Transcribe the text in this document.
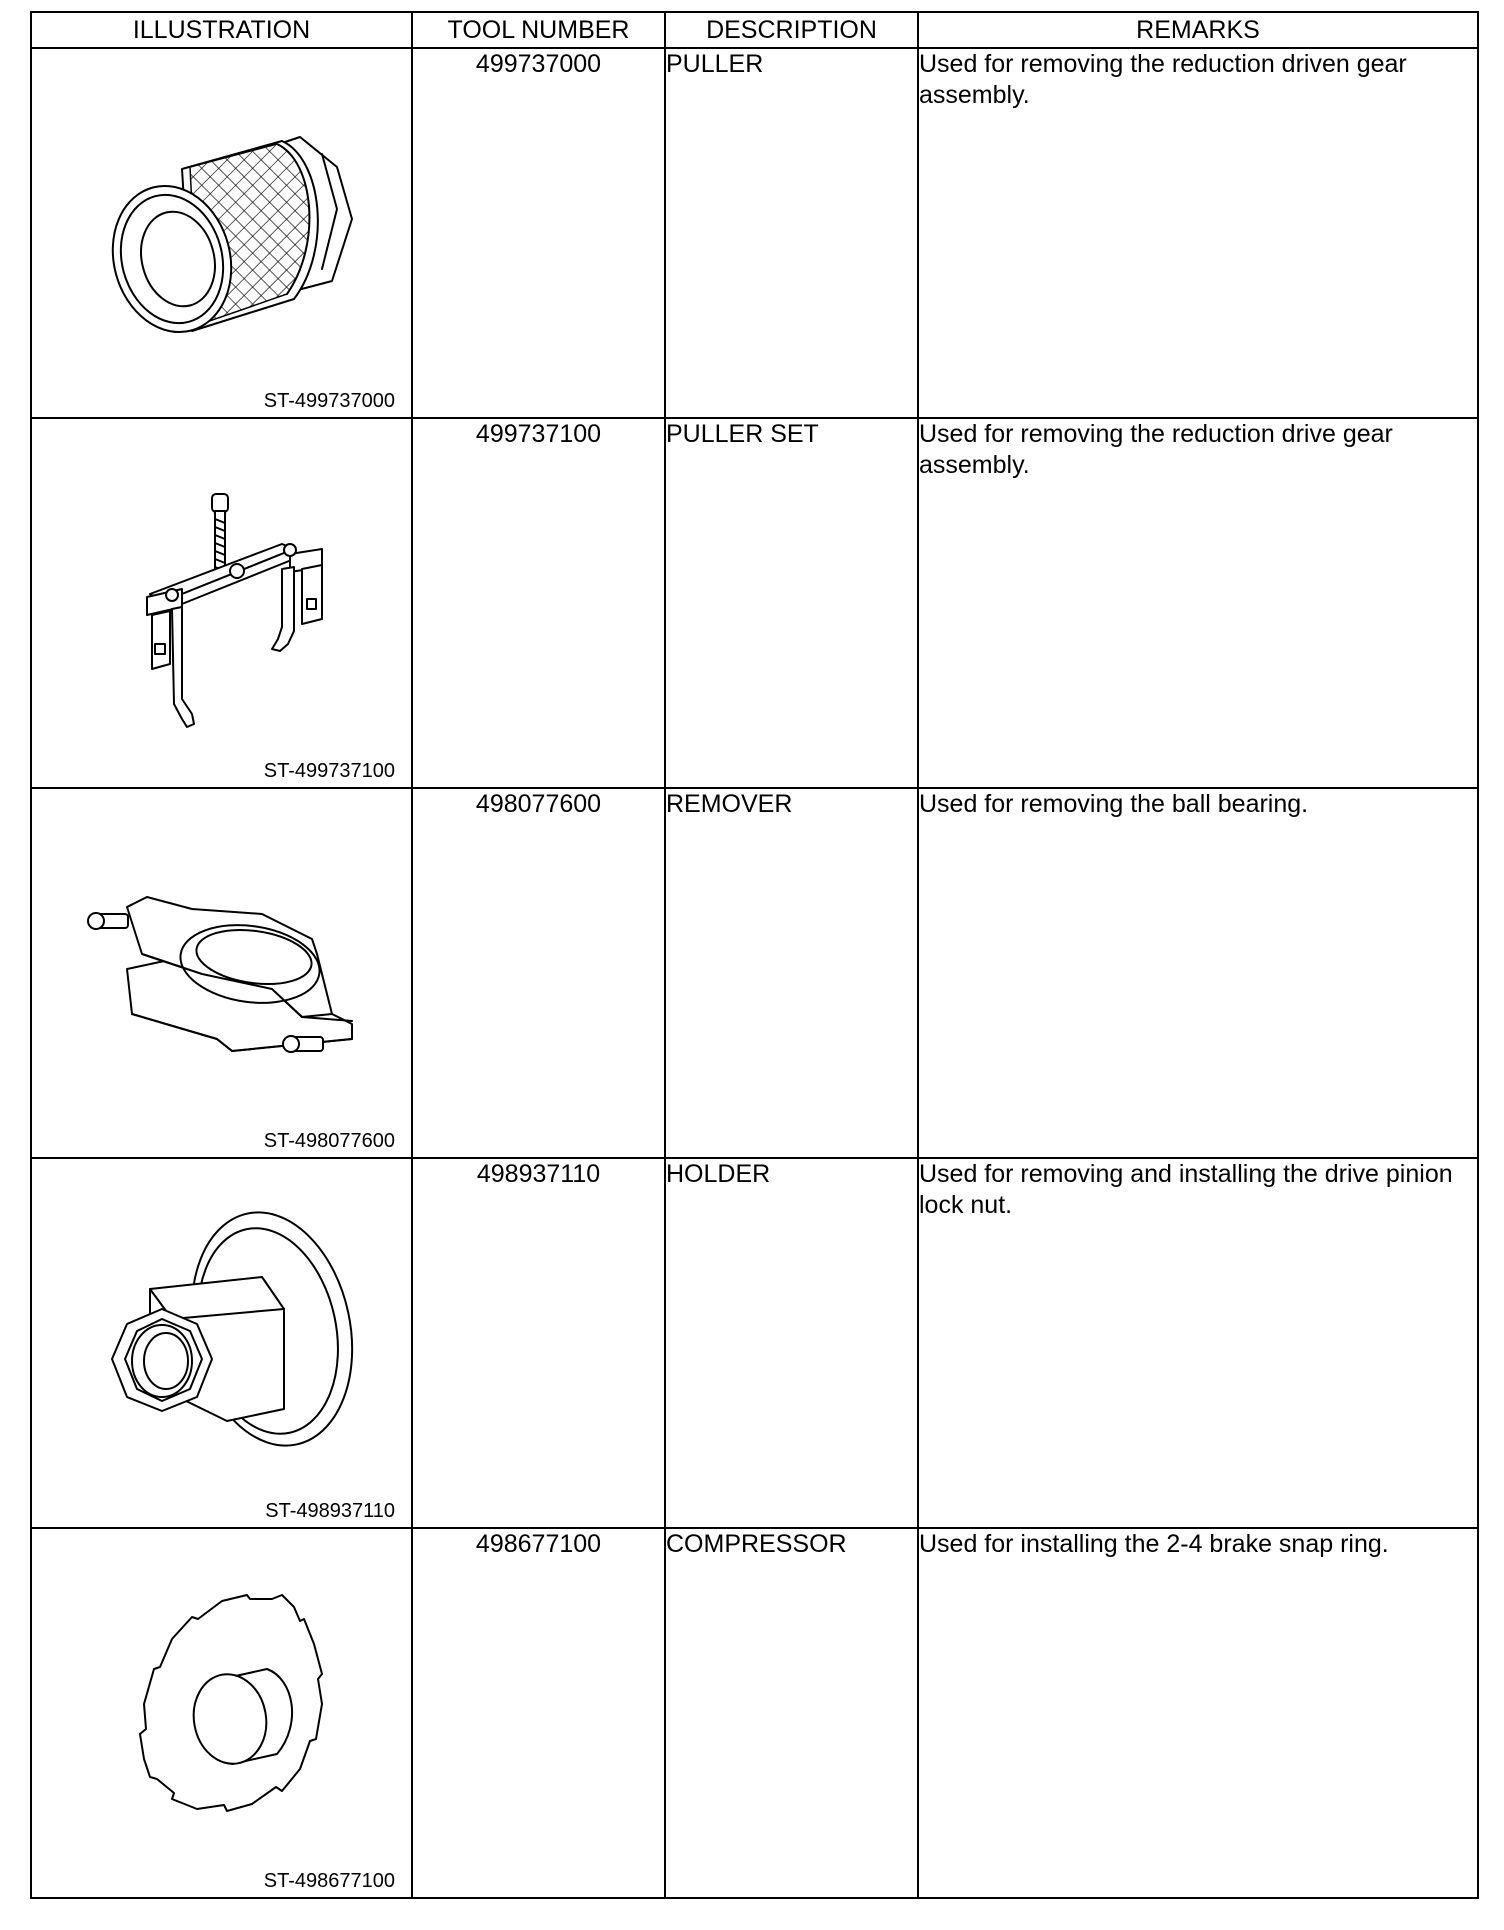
ILLUSTRATION	TOOL NUMBER	DESCRIPTION	REMARKS

ST-499737000	499737000	PULLER	Used for removing the reduction driven gear assembly.

ST-499737100	499737100	PULLER SET	Used for removing the reduction drive gear assembly.

ST-498077600	498077600	REMOVER	Used for removing the ball bearing.

ST-498937110	498937110	HOLDER	Used for removing and installing the drive pinion lock nut.

ST-498677100	498677100	COMPRESSOR	Used for installing the 2-4 brake snap ring.
